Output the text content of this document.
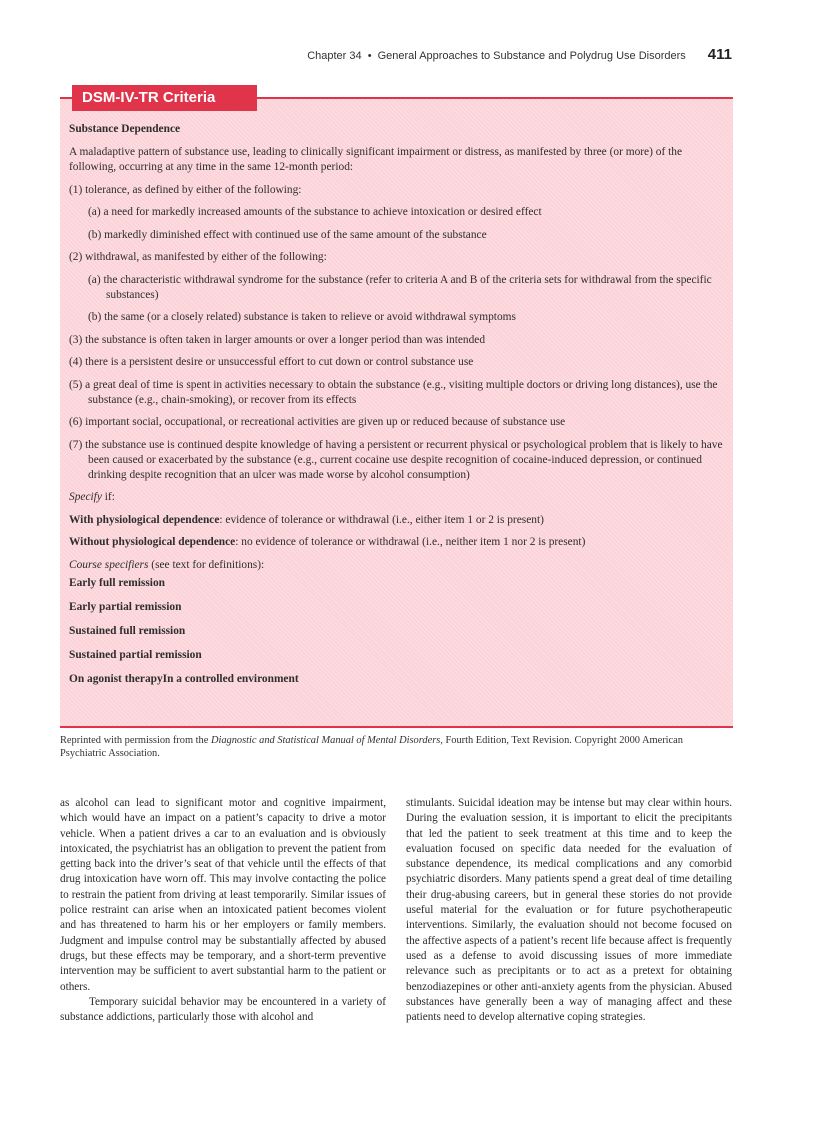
Chapter 34 • General Approaches to Substance and Polydrug Use Disorders 411
DSM-IV-TR Criteria

Substance Dependence

A maladaptive pattern of substance use, leading to clinically significant impairment or distress, as manifested by three (or more) of the following, occurring at any time in the same 12-month period:

(1) tolerance, as defined by either of the following:

(a) a need for markedly increased amounts of the substance to achieve intoxication or desired effect

(b) markedly diminished effect with continued use of the same amount of the substance

(2) withdrawal, as manifested by either of the following:

(a) the characteristic withdrawal syndrome for the substance (refer to criteria A and B of the criteria sets for withdrawal from the specific substances)

(b) the same (or a closely related) substance is taken to relieve or avoid withdrawal symptoms

(3) the substance is often taken in larger amounts or over a longer period than was intended

(4) there is a persistent desire or unsuccessful effort to cut down or control substance use

(5) a great deal of time is spent in activities necessary to obtain the substance (e.g., visiting multiple doctors or driving long distances), use the substance (e.g., chain-smoking), or recover from its effects

(6) important social, occupational, or recreational activities are given up or reduced because of substance use

(7) the substance use is continued despite knowledge of having a persistent or recurrent physical or psychological problem that is likely to have been caused or exacerbated by the substance (e.g., current cocaine use despite recognition of cocaine-induced depression, or continued drinking despite recognition that an ulcer was made worse by alcohol consumption)

Specify if:

With physiological dependence: evidence of tolerance or withdrawal (i.e., either item 1 or 2 is present)

Without physiological dependence: no evidence of tolerance or withdrawal (i.e., neither item 1 nor 2 is present)

Course specifiers (see text for definitions):

Early full remission

Early partial remission

Sustained full remission

Sustained partial remission

On agonist therapyIn a controlled environment

Reprinted with permission from the Diagnostic and Statistical Manual of Mental Disorders, Fourth Edition, Text Revision. Copyright 2000 American Psychiatric Association.

as alcohol can lead to significant motor and cognitive impairment, which would have an impact on a patient’s capacity to drive a motor vehicle. When a patient drives a car to an evaluation and is obviously intoxicated, the psychiatrist has an obligation to prevent the patient from getting back into the driver’s seat of that vehicle until the effects of that drug intoxication have worn off. This may involve contacting the police to restrain the patient from driving at least temporarily. Similar issues of police restraint can arise when an intoxicated patient becomes violent and has threatened to harm his or her employers or family members. Judgment and impulse control may be substantially affected by abused drugs, but these effects may be temporary, and a short-term preventive intervention may be sufficient to avert substantial harm to the patient or others.

Temporary suicidal behavior may be encountered in a variety of substance addictions, particularly those with alcohol and

stimulants. Suicidal ideation may be intense but may clear within hours. During the evaluation session, it is important to elicit the precipitants that led the patient to seek treatment at this time and to keep the evaluation focused on specific data needed for the evaluation of substance dependence, its medical complications and any comorbid psychiatric disorders. Many patients spend a great deal of time detailing their drug-abusing careers, but in general these stories do not provide useful material for the evaluation or for future psychotherapeutic interventions. Similarly, the evaluation should not become focused on the affective aspects of a patient’s recent life because affect is frequently used as a defense to avoid discussing issues of more immediate relevance such as precipitants or to act as a pretext for obtaining benzodiazepines or other anti-anxiety agents from the physician. Abused substances have generally been a way of managing affect and these patients need to develop alternative coping strategies.
